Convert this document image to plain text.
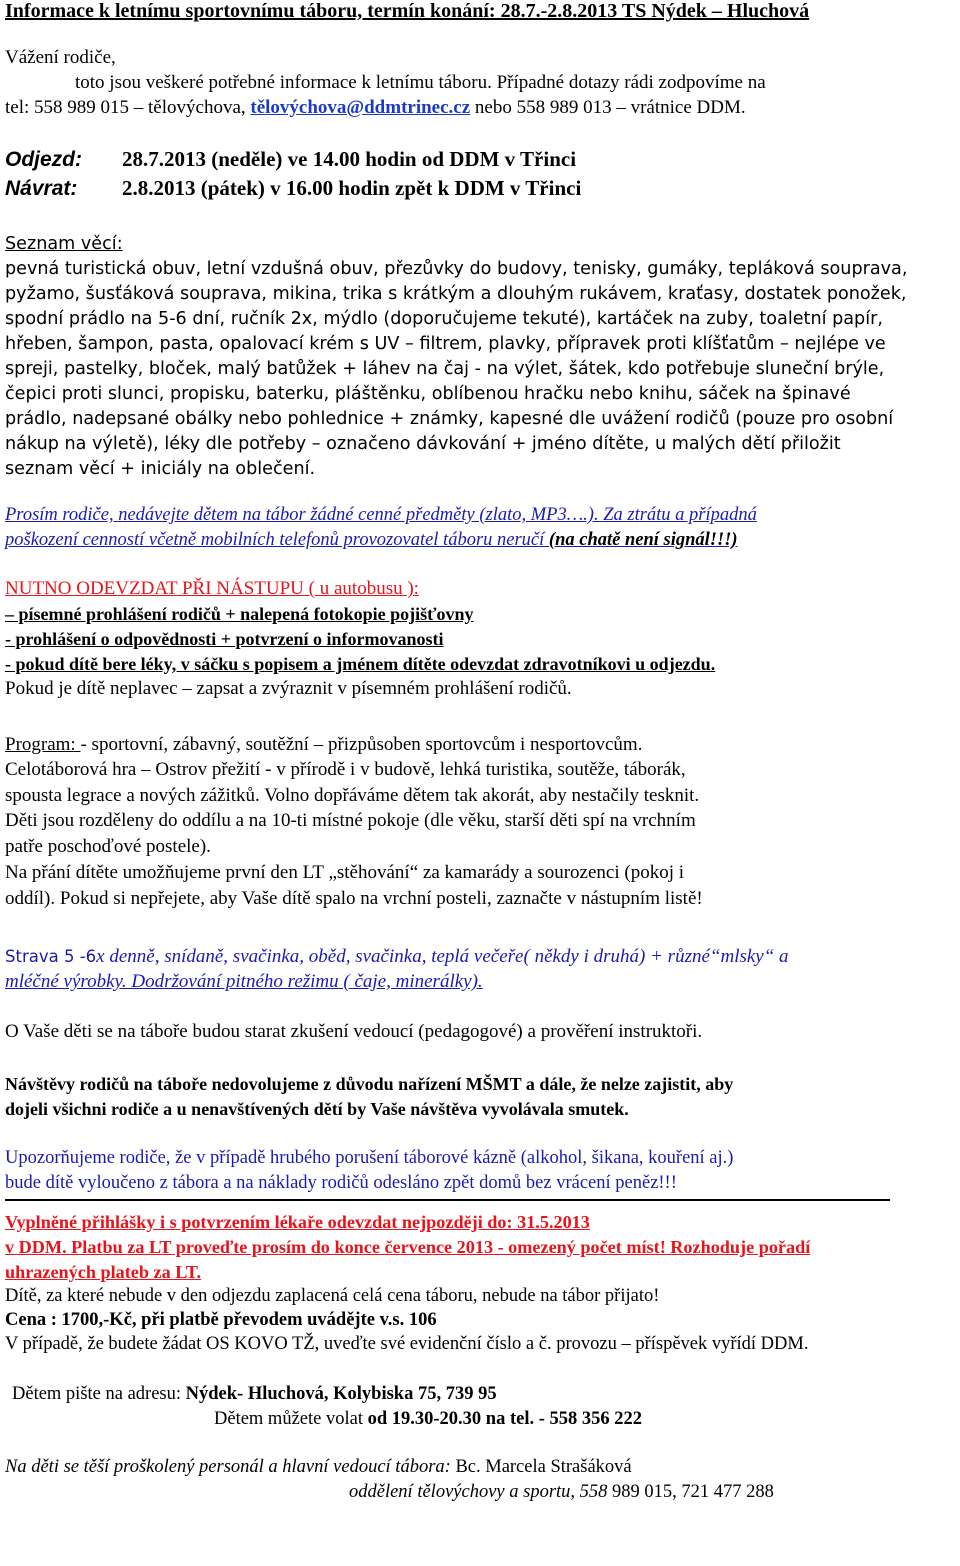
Informace k letnímu sportovnímu táboru, termín konání: 28.7.-2.8.2013 TS Nýdek – Hluchová
Vážení rodiče,
toto jsou veškeré potřebné informace k letnímu táboru. Případné dotazy rádi zodpovíme na
tel: 558 989 015 – tělovýchova, tělovýchova@ddmtrinec.cz nebo 558 989 013 – vrátnice DDM.
Odjezd: 28.7.2013 (neděle) ve 14.00 hodin od DDM v Třinci
Návrat: 2.8.2013 (pátek) v 16.00 hodin zpět k DDM v Třinci
Seznam věcí:
pevná turistická obuv, letní vzdušná obuv, přezůvky do budovy, tenisky, gumáky, tepláková souprava,
pyžamo, šusťáková souprava, mikina, trika s krátkým a dlouhým rukávem, kraťasy, dostatek ponožek,
spodní prádlo na 5-6 dní, ručník 2x, mýdlo (doporučujeme tekuté), kartáček na zuby, toaletní papír,
hřeben, šampon, pasta, opalovací krém s UV – filtrem, plavky, přípravek proti klíšťatům – nejlépe ve
spreji, pastelky, bloček, malý batůžek + láhev na čaj - na výlet, šátek, kdo potřebuje sluneční brýle,
čepici proti slunci, propisku, baterku, pláštěnku, oblíbenou hračku nebo knihu, sáček na špinavé
prádlo, nadepsané obálky nebo pohlednice + známky, kapesné dle uvážení rodičů (pouze pro osobní
nákup na výletě), léky dle potřeby – označeno dávkování + jméno dítěte, u malých dětí přiložit
seznam věcí + iniciály na oblečení.
Prosím rodiče, nedávejte dětem na tábor žádné cenné předměty (zlato, MP3….). Za ztrátu a případná
poškození cenností včetně mobilních telefonů provozovatel táboru neručí (na chatě není signál!!!)
NUTNO ODEVZDAT PŘI NÁSTUPU ( u autobusu ):
– písemné prohlášení rodičů + nalepená fotokopie pojišťovny
- prohlášení o odpovědnosti + potvrzení o informovanosti
- pokud dítě bere léky, v sáčku s popisem a jménem dítěte odevzdat zdravotníkovi u odjezdu.
Pokud je dítě neplavec – zapsat a zvýraznit v písemném prohlášení rodičů.
Program: - sportovní, zábavný, soutěžní – přizpůsoben sportovcům i nesportovcům.
Celotáborová hra – Ostrov přežití - v přírodě i v budově, lehká turistika, soutěže, táborák,
spousta legrace a nových zážitků. Volno dopřáváme dětem tak akorát, aby nestačily tesknit.
Děti jsou rozděleny do oddílu a na 10-ti místné pokoje (dle věku, starší děti spí na vrchním
patře poschoďové postele).
Na přání dítěte umožňujeme první den LT „stěhování“ za kamarády a sourozenci (pokoj i
oddíl). Pokud si nepřejete, aby Vaše dítě spalo na vrchní posteli, zaznačte v nástupním listě!
Strava 5 -6x denně, snídaně, svačinka, oběd, svačinka, teplá večeře( někdy i druhá) + různé“mlsky“ a
mléčné výrobky. Dodržování pitného režimu ( čaje, minerálky).
O Vaše děti se na táboře budou starat zkušení vedoucí (pedagogové) a prověření instruktoři.
Návštěvy rodičů na táboře nedovolujeme z důvodu nařízení MŠMT a dále, že nelze zajistit, aby
dojeli všichni rodiče a u nenavštívených dětí by Vaše návštěva vyvolávala smutek.
Upozorňujeme rodiče, že v případě hrubého porušení táborové kázně (alkohol, šikana, kouření aj.)
bude dítě vyloučeno z tábora a na náklady rodičů odesláno zpět domů bez vrácení peněz!!!
Vyplněné přihlášky i s potvrzením lékaře odevzdat nejpozději do: 31.5.2013
v DDM. Platbu za LT proveďte prosím do konce července 2013 - omezený počet míst! Rozhoduje pořadí
uhrazených plateb za LT.
Dítě, za které nebude v den odjezdu zaplacená celá cena táboru, nebude na tábor přijato!
Cena : 1700,-Kč, při platbě převodem uvádějte v.s. 106
V případě, že budete žádat OS KOVO TŽ, uveďte své evidenční číslo a č. provozu – příspěvek vyřídí DDM.
Dětem pište na adresu: Nýdek- Hluchová, Kolybiska 75, 739 95
Dětem můžete volat od 19.30-20.30 na tel. - 558 356 222
Na děti se těší proškolený personál a hlavní vedoucí tábora: Bc. Marcela Strašáková
oddělení tělovýchovy a sportu, 558 989 015, 721 477 288
